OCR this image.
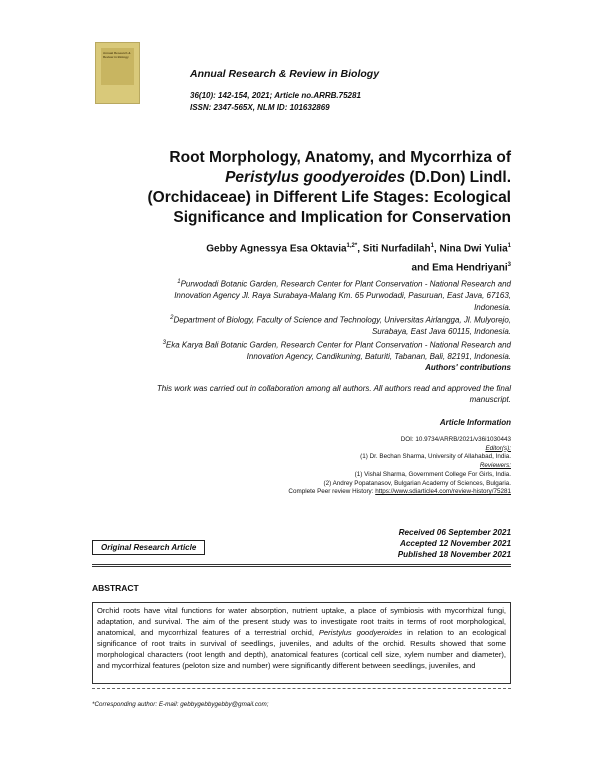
Annual Research &
Review in Biology
Annual Research & Review in Biology
36(10): 142-154, 2021; Article no.ARRB.75281
ISSN: 2347-565X, NLM ID: 101632869
Root Morphology, Anatomy, and Mycorrhiza of
Peristylus goodyeroides (D.Don) Lindl.
(Orchidaceae) in Different Life Stages: Ecological
Significance and Implication for Conservation
Gebby Agnessya Esa Oktavia$^{1,2*}$, Siti Nurfadilah$^1$, Nina Dwi Yulia$^1$
and Ema Hendriyani$^3$
$^1$Purwodadi Botanic Garden, Research Center for Plant Conservation - National Research and
Innovation Agency Jl. Raya Surabaya-Malang Km. 65 Purwodadi, Pasuruan, East Java, 67163,
Indonesia.
$^2$Department of Biology, Faculty of Science and Technology, Universitas Airlangga, Jl. Mulyorejo,
Surabaya, East Java 60115, Indonesia.
$^3$Eka Karya Bali Botanic Garden, Research Center for Plant Conservation - National Research and
Innovation Agency, Candikuning, Baturiti, Tabanan, Bali, 82191, Indonesia.
Authors' contributions
This work was carried out in collaboration among all authors. All authors read and approved the final
manuscript.
Article Information
DOI: 10.9734/ARRB/2021/v36i1030443
Editor(s):
(1) Dr. Bechan Sharma, University of Allahabad, India.
Reviewers:
(1) Vishal Sharma, Government College For Girls, India.
(2) Andrey Popatanasov, Bulgarian Academy of Sciences, Bulgaria.
Complete Peer review History: https://www.sdiarticle4.com/review-history/75281
Original Research Article
Received 06 September 2021
Accepted 12 November 2021
Published 18 November 2021
ABSTRACT
Orchid roots have vital functions for water absorption, nutrient uptake, a place of symbiosis with mycorrhizal fungi, adaptation, and survival. The aim of the present study was to investigate root traits in terms of root morphological, anatomical, and mycorrhizal features of a terrestrial orchid, Peristylus goodyeroides in relation to an ecological significance of root traits in survival of seedlings, juveniles, and adults of the orchid. Results showed that some morphological characters (root length and depth), anatomical features (cortical cell size, xylem number and diameter), and mycorrhizal features (peloton size and number) were significantly different between seedlings, juveniles, and
*Corresponding author: E-mail: gebbygebbygebby@gmail.com;
